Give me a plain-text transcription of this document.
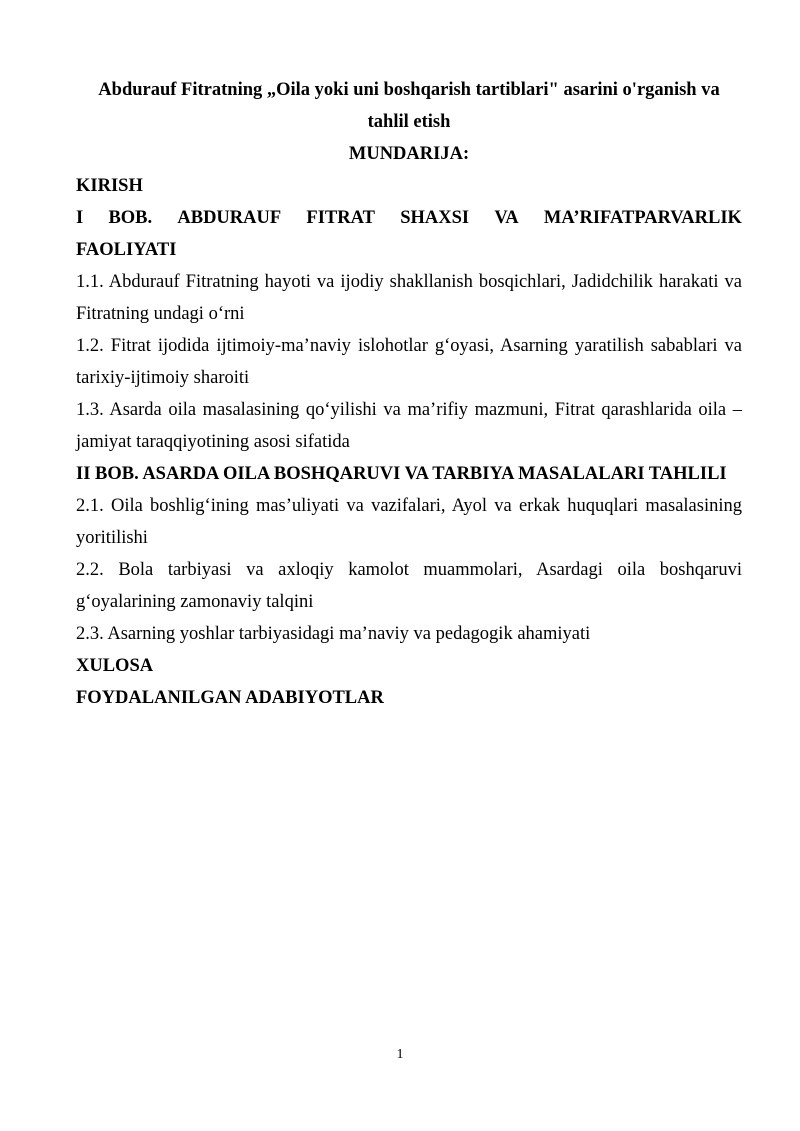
Abdurauf Fitratning „Oila yoki uni boshqarish tartiblari" asarini o'rganish va tahlil etish

MUNDARIJA:

KIRISH
I BOB. ABDURAUF FITRAT SHAXSI VA MA’RIFATPARVARLIK
FAOLIYATI
1.1. Abdurauf Fitratning hayoti va ijodiy shakllanish bosqichlari, Jadidchilik harakati va Fitratning undagi o‘rni
1.2. Fitrat ijodida ijtimoiy-ma’naviy islohotlar g‘oyasi, Asarning yaratilish sabablari va tarixiy-ijtimoiy sharoiti
1.3. Asarda oila masalasining qo‘yilishi va ma’rifiy mazmuni, Fitrat qarashlarida oila – jamiyat taraqqiyotining asosi sifatida
II BOB. ASARDA OILA BOSHQARUVI VA TARBIYA MASALALARI TAHLILI
2.1. Oila boshlig‘ining mas’uliyati va vazifalari, Ayol va erkak huquqlari masalasining yoritilishi
2.2. Bola tarbiyasi va axloqiy kamolot muammolari, Asardagi oila boshqaruvi g‘oyalarining zamonaviy talqini
2.3. Asarning yoshlar tarbiyasidagi ma’naviy va pedagogik ahamiyati
XULOSA
FOYDALANILGAN ADABIYOTLAR
1
